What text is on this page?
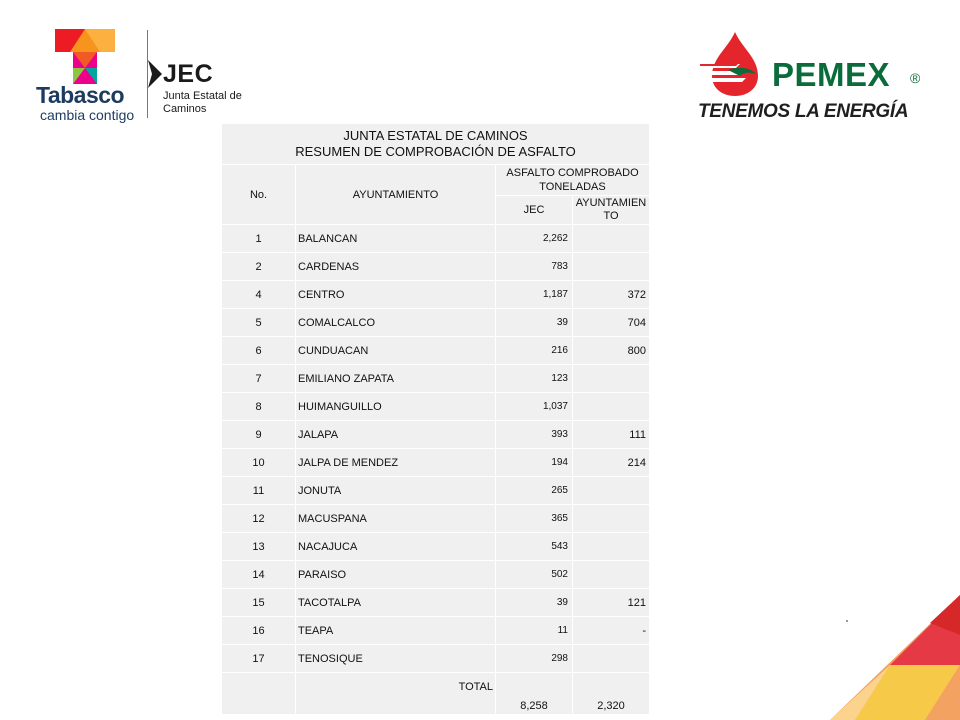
Tabasco
cambia contigo
JEC
Junta Estatal de Caminos
PEMEX ®
TENEMOS LA ENERGÍA
JUNTA ESTATAL DE CAMINOS
RESUMEN DE COMPROBACIÓN DE ASFALTO			

No.	AYUNTAMIENTO	ASFALTO COMPROBADO TONELADAS	
		JEC	AYUNTAMIENTO
1	BALANCAN	2,262	
2	CARDENAS	783	
4	CENTRO	1,187	372
5	COMALCALCO	39	704
6	CUNDUACAN	216	800
7	EMILIANO ZAPATA	123	
8	HUIMANGUILLO	1,037	
9	JALAPA	393	111
10	JALPA DE MENDEZ	194	214
11	JONUTA	265	
12	MACUSPANA	365	
13	NACAJUCA	543	
14	PARAISO	502	
15	TACOTALPA	39	121
16	TEAPA	11	-
17	TENOSIQUE	298	
	TOTAL	8,258	2,320
